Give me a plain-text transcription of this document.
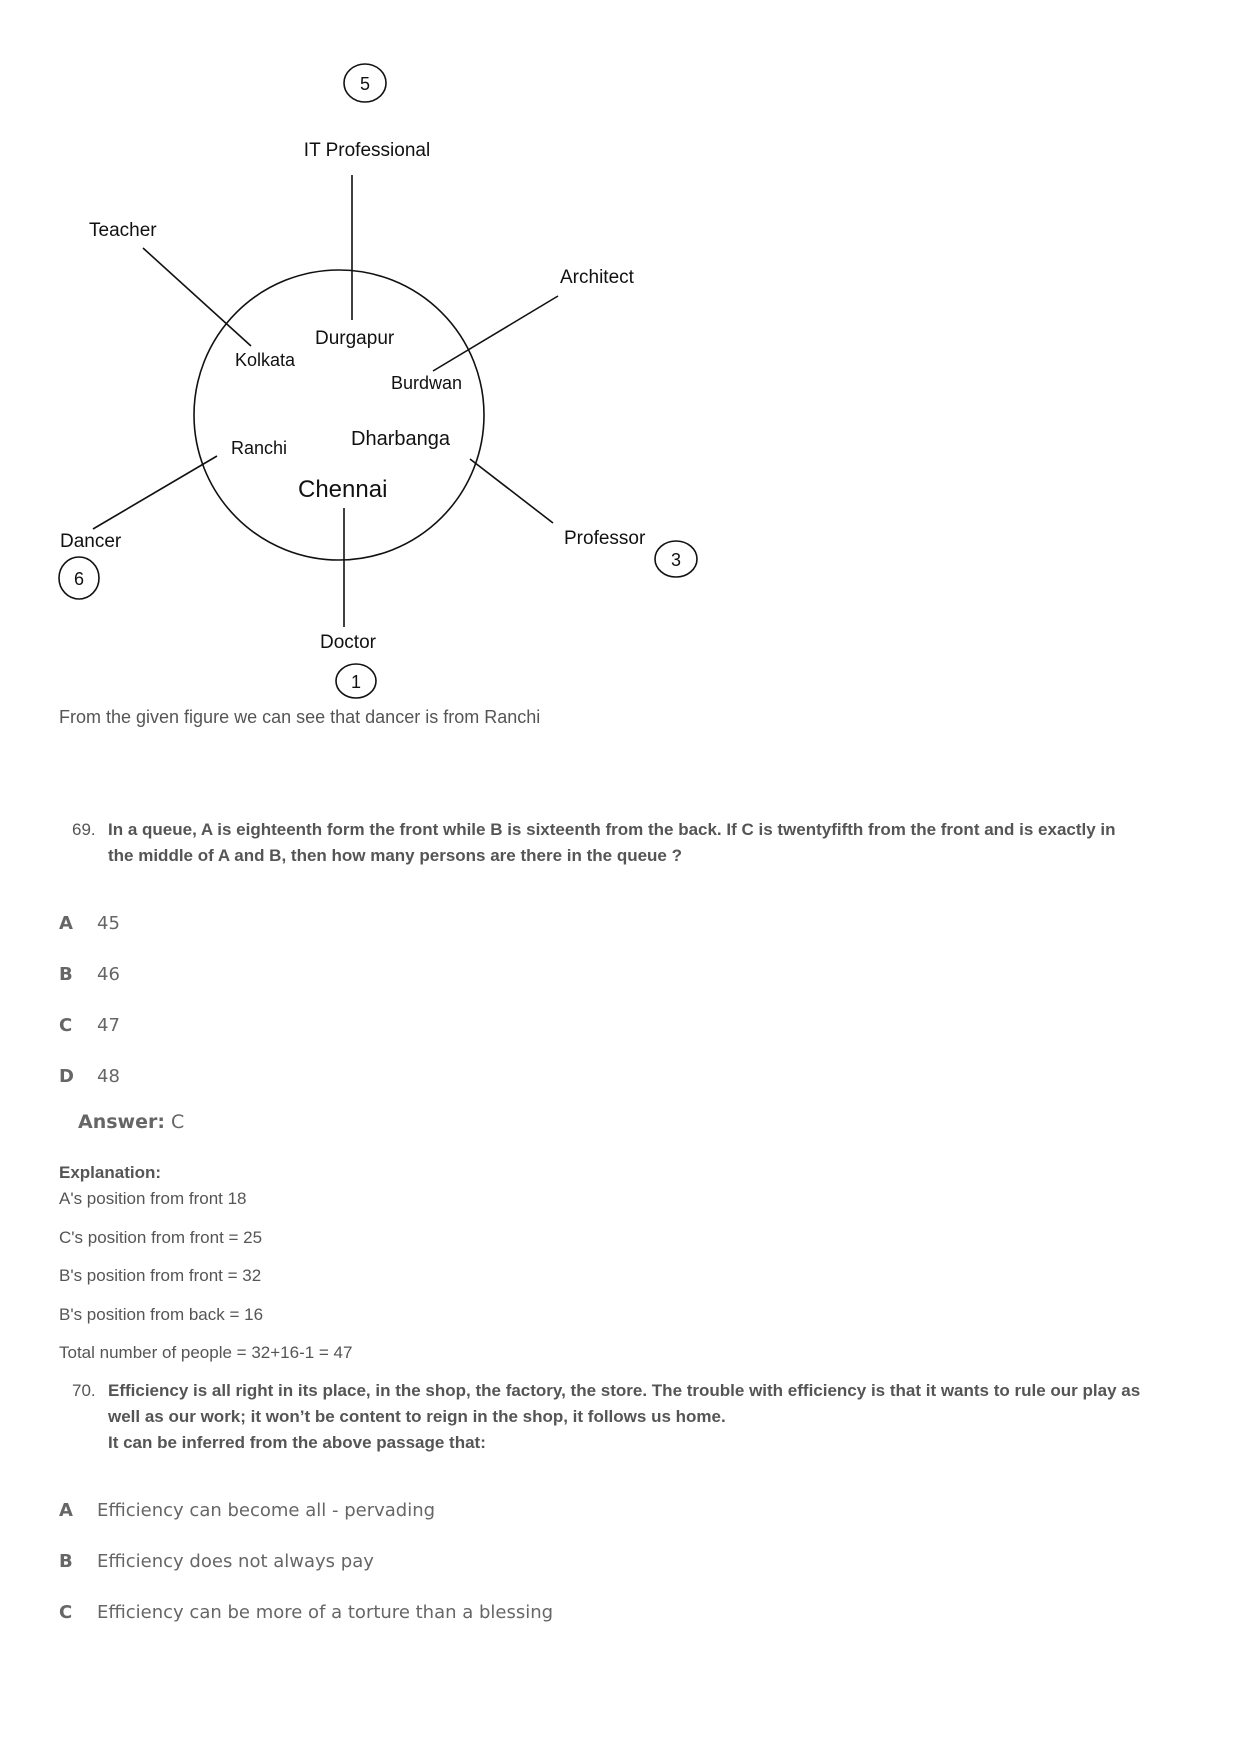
5
3
6
1
IT Professional
Teacher
Architect
Dancer	Professor
Doctor
Kolkata
Durgapur
Burdwan
Ranchi	Dharbanga
Chennai
From the given figure we can see that dancer is from Ranchi
69. In a queue, A is eighteenth form the front while B is sixteenth from the back. If C is twentyfifth from the front and is exactly in
the middle of A and B, then how many persons are there in the queue ?
A 45
B 46
C 47
D 48
Answer: C
Explanation:
A's position from front 18
C's position from front = 25
B's position from front = 32
B's position from back = 16
Total number of people = 32+16-1 = 47
70. Efficiency is all right in its place, in the shop, the factory, the store. The trouble with efficiency is that it wants to rule our play as
well as our work; it won’t be content to reign in the shop, it follows us home.
It can be inferred from the above passage that:
A Efficiency can become all - pervading
B Efficiency does not always pay
C Efficiency can be more of a torture than a blessing
